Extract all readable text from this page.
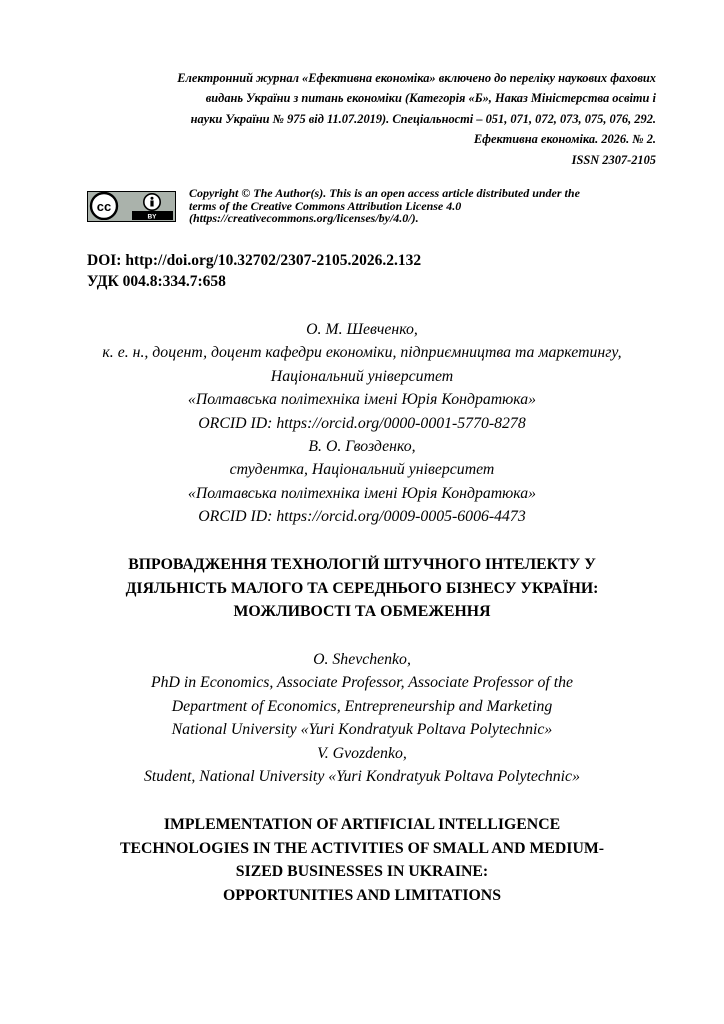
Електронний журнал «Ефективна економіка» включено до переліку наукових фахових
видань України з питань економіки (Категорія «Б», Наказ Міністерства освіти і
науки України № 975 від 11.07.2019). Спеціальності – 051, 071, 072, 073, 075, 076, 292.
Ефективна економіка. 2026. № 2.
ISSN 2307-2105
cc
BY
Copyright © The Author(s). This is an open access article distributed under the
terms of the Creative Commons Attribution License 4.0
(https://creativecommons.org/licenses/by/4.0/).
DOI: http://doi.org/10.32702/2307-2105.2026.2.132
УДК 004.8:334.7:658
О. М. Шевченко,
к. е. н., доцент, доцент кафедри економіки, підприємництва та маркетингу,
Національний університет
«Полтавська політехніка імені Юрія Кондратюка»
ORCID ID: https://orcid.org/0000-0001-5770-8278
В. О. Гвозденко,
студентка, Національний університет
«Полтавська політехніка імені Юрія Кондратюка»
ORCID ID: https://orcid.org/0009-0005-6006-4473
ВПРОВАДЖЕННЯ ТЕХНОЛОГІЙ ШТУЧНОГО ІНТЕЛЕКТУ У
ДІЯЛЬНІСТЬ МАЛОГО ТА СЕРЕДНЬОГО БІЗНЕСУ УКРАЇНИ:
МОЖЛИВОСТІ ТА ОБМЕЖЕННЯ
O. Shevchenko,
PhD in Economics, Associate Professor, Associate Professor of the
Department of Economics, Entrepreneurship and Marketing
National University «Yuri Kondratyuk Poltava Polytechnic»
V. Gvozdenko,
Student, National University «Yuri Kondratyuk Poltava Polytechnic»
IMPLEMENTATION OF ARTIFICIAL INTELLIGENCE
TECHNOLOGIES IN THE ACTIVITIES OF SMALL AND MEDIUM-
SIZED BUSINESSES IN UKRAINE:
OPPORTUNITIES AND LIMITATIONS
